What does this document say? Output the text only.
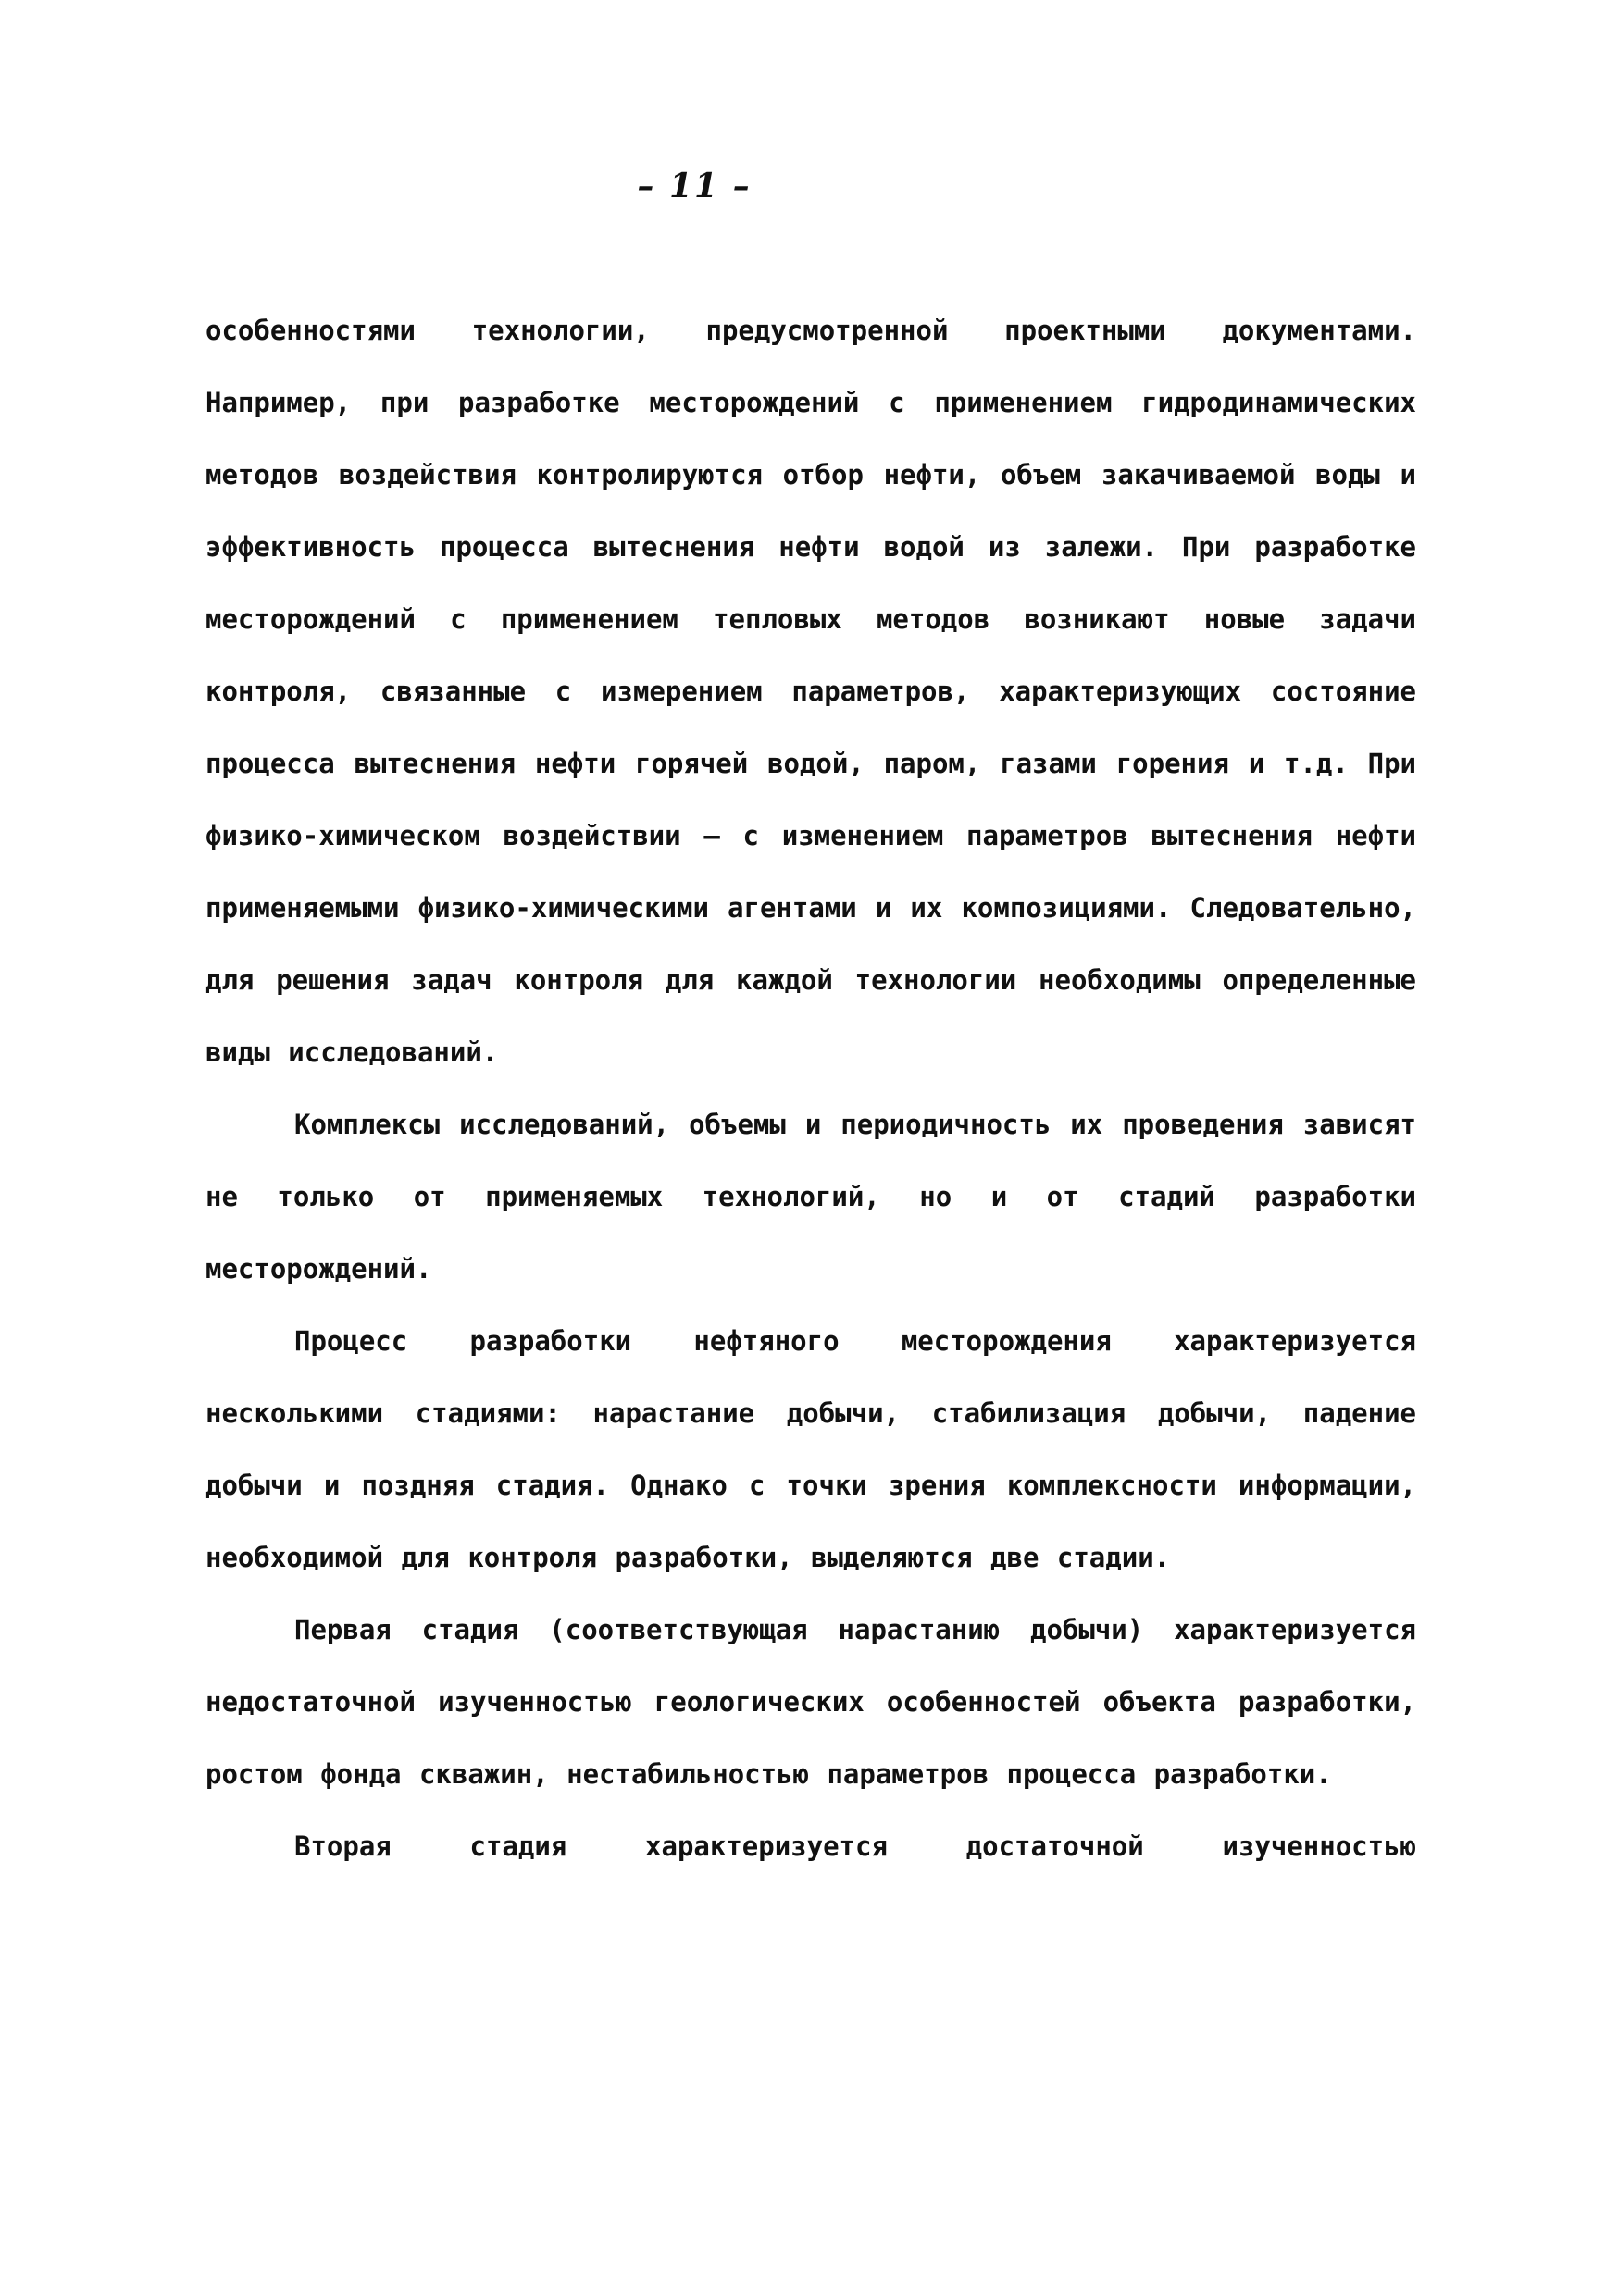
– 11 –

особенностями технологии, предусмотренной проектными документами. Например, при разработке месторождений с применением гидродинамических методов воздействия контролируются отбор нефти, объем закачиваемой воды и эффективность процесса вытеснения нефти водой из залежи. При разработке месторождений с применением тепловых методов возникают новые задачи контроля, связанные с измерением параметров, характеризующих состояние процесса вытеснения нефти горячей водой, паром, газами горения и т.д. При физико-химическом воздействии – с изменением параметров вытеснения нефти применяемыми физико-химическими агентами и их композициями. Следовательно, для решения задач контроля для каждой технологии необходимы определенные виды исследований.

Комплексы исследований, объемы и периодичность их проведения зависят не только от применяемых технологий, но и от стадий разработки месторождений.

Процесс разработки нефтяного месторождения характеризуется несколькими стадиями: нарастание добычи, стабилизация добычи, падение добычи и поздняя стадия. Однако с точки зрения комплексности информации, необходимой для контроля разработки, выделяются две стадии.

Первая стадия (соответствующая нарастанию добычи) характеризуется недостаточной изученностью геологических особенностей объекта разработки, ростом фонда скважин, нестабильностью параметров процесса разработки.

Вторая стадия характеризуется достаточной изученностью
